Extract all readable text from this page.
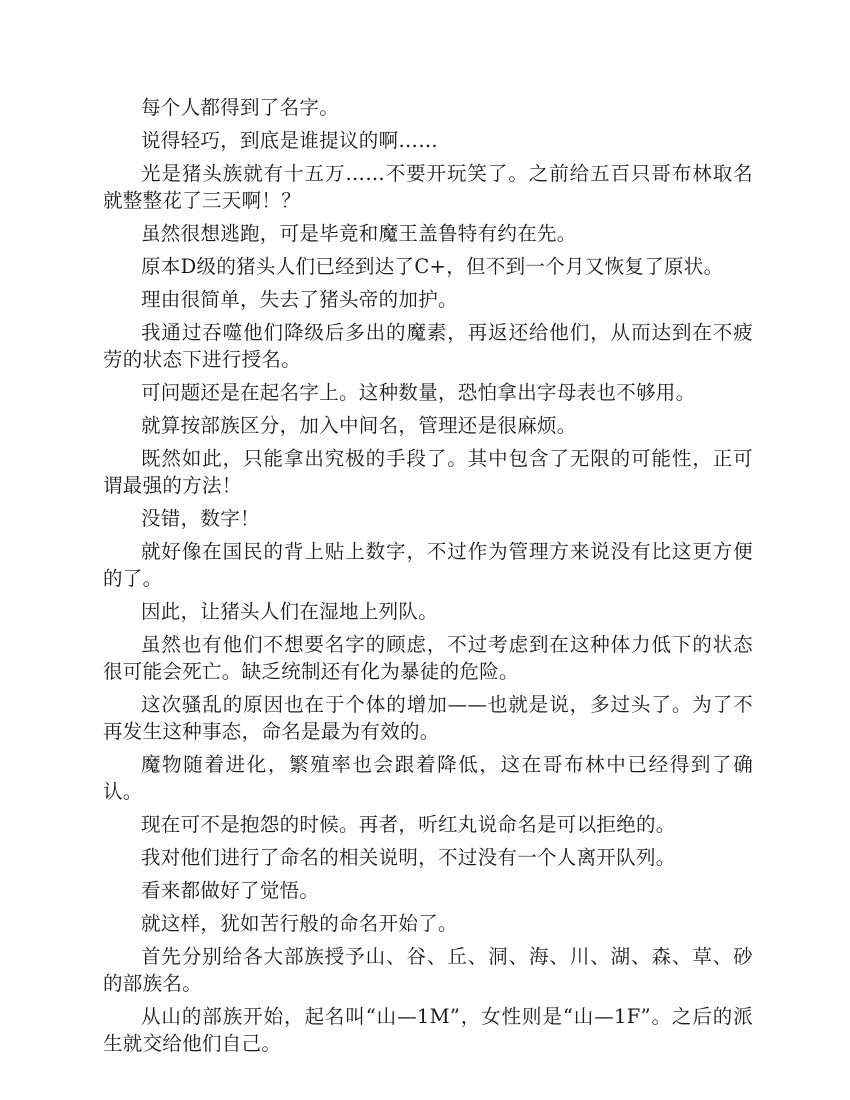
每个人都得到了名字。

说得轻巧，到底是谁提议的啊……

光是猪头族就有十五万……不要开玩笑了。之前给五百只哥布林取名就整整花了三天啊！？

虽然很想逃跑，可是毕竟和魔王盖鲁特有约在先。

原本D级的猪头人们已经到达了C+，但不到一个月又恢复了原状。

理由很简单，失去了猪头帝的加护。

我通过吞噬他们降级后多出的魔素，再返还给他们，从而达到在不疲劳的状态下进行授名。

可问题还是在起名字上。这种数量，恐怕拿出字母表也不够用。

就算按部族区分，加入中间名，管理还是很麻烦。

既然如此，只能拿出究极的手段了。其中包含了无限的可能性，正可谓最强的方法！

没错，数字！

就好像在国民的背上贴上数字，不过作为管理方来说没有比这更方便的了。

因此，让猪头人们在湿地上列队。

虽然也有他们不想要名字的顾虑，不过考虑到在这种体力低下的状态很可能会死亡。缺乏统制还有化为暴徒的危险。

这次骚乱的原因也在于个体的增加——也就是说，多过头了。为了不再发生这种事态，命名是最为有效的。

魔物随着进化，繁殖率也会跟着降低，这在哥布林中已经得到了确认。

现在可不是抱怨的时候。再者，听红丸说命名是可以拒绝的。

我对他们进行了命名的相关说明，不过没有一个人离开队列。

看来都做好了觉悟。

就这样，犹如苦行般的命名开始了。

首先分别给各大部族授予山、谷、丘、洞、海、川、湖、森、草、砂的部族名。

从山的部族开始，起名叫“山—1M”，女性则是“山—1F”。之后的派生就交给他们自己。
